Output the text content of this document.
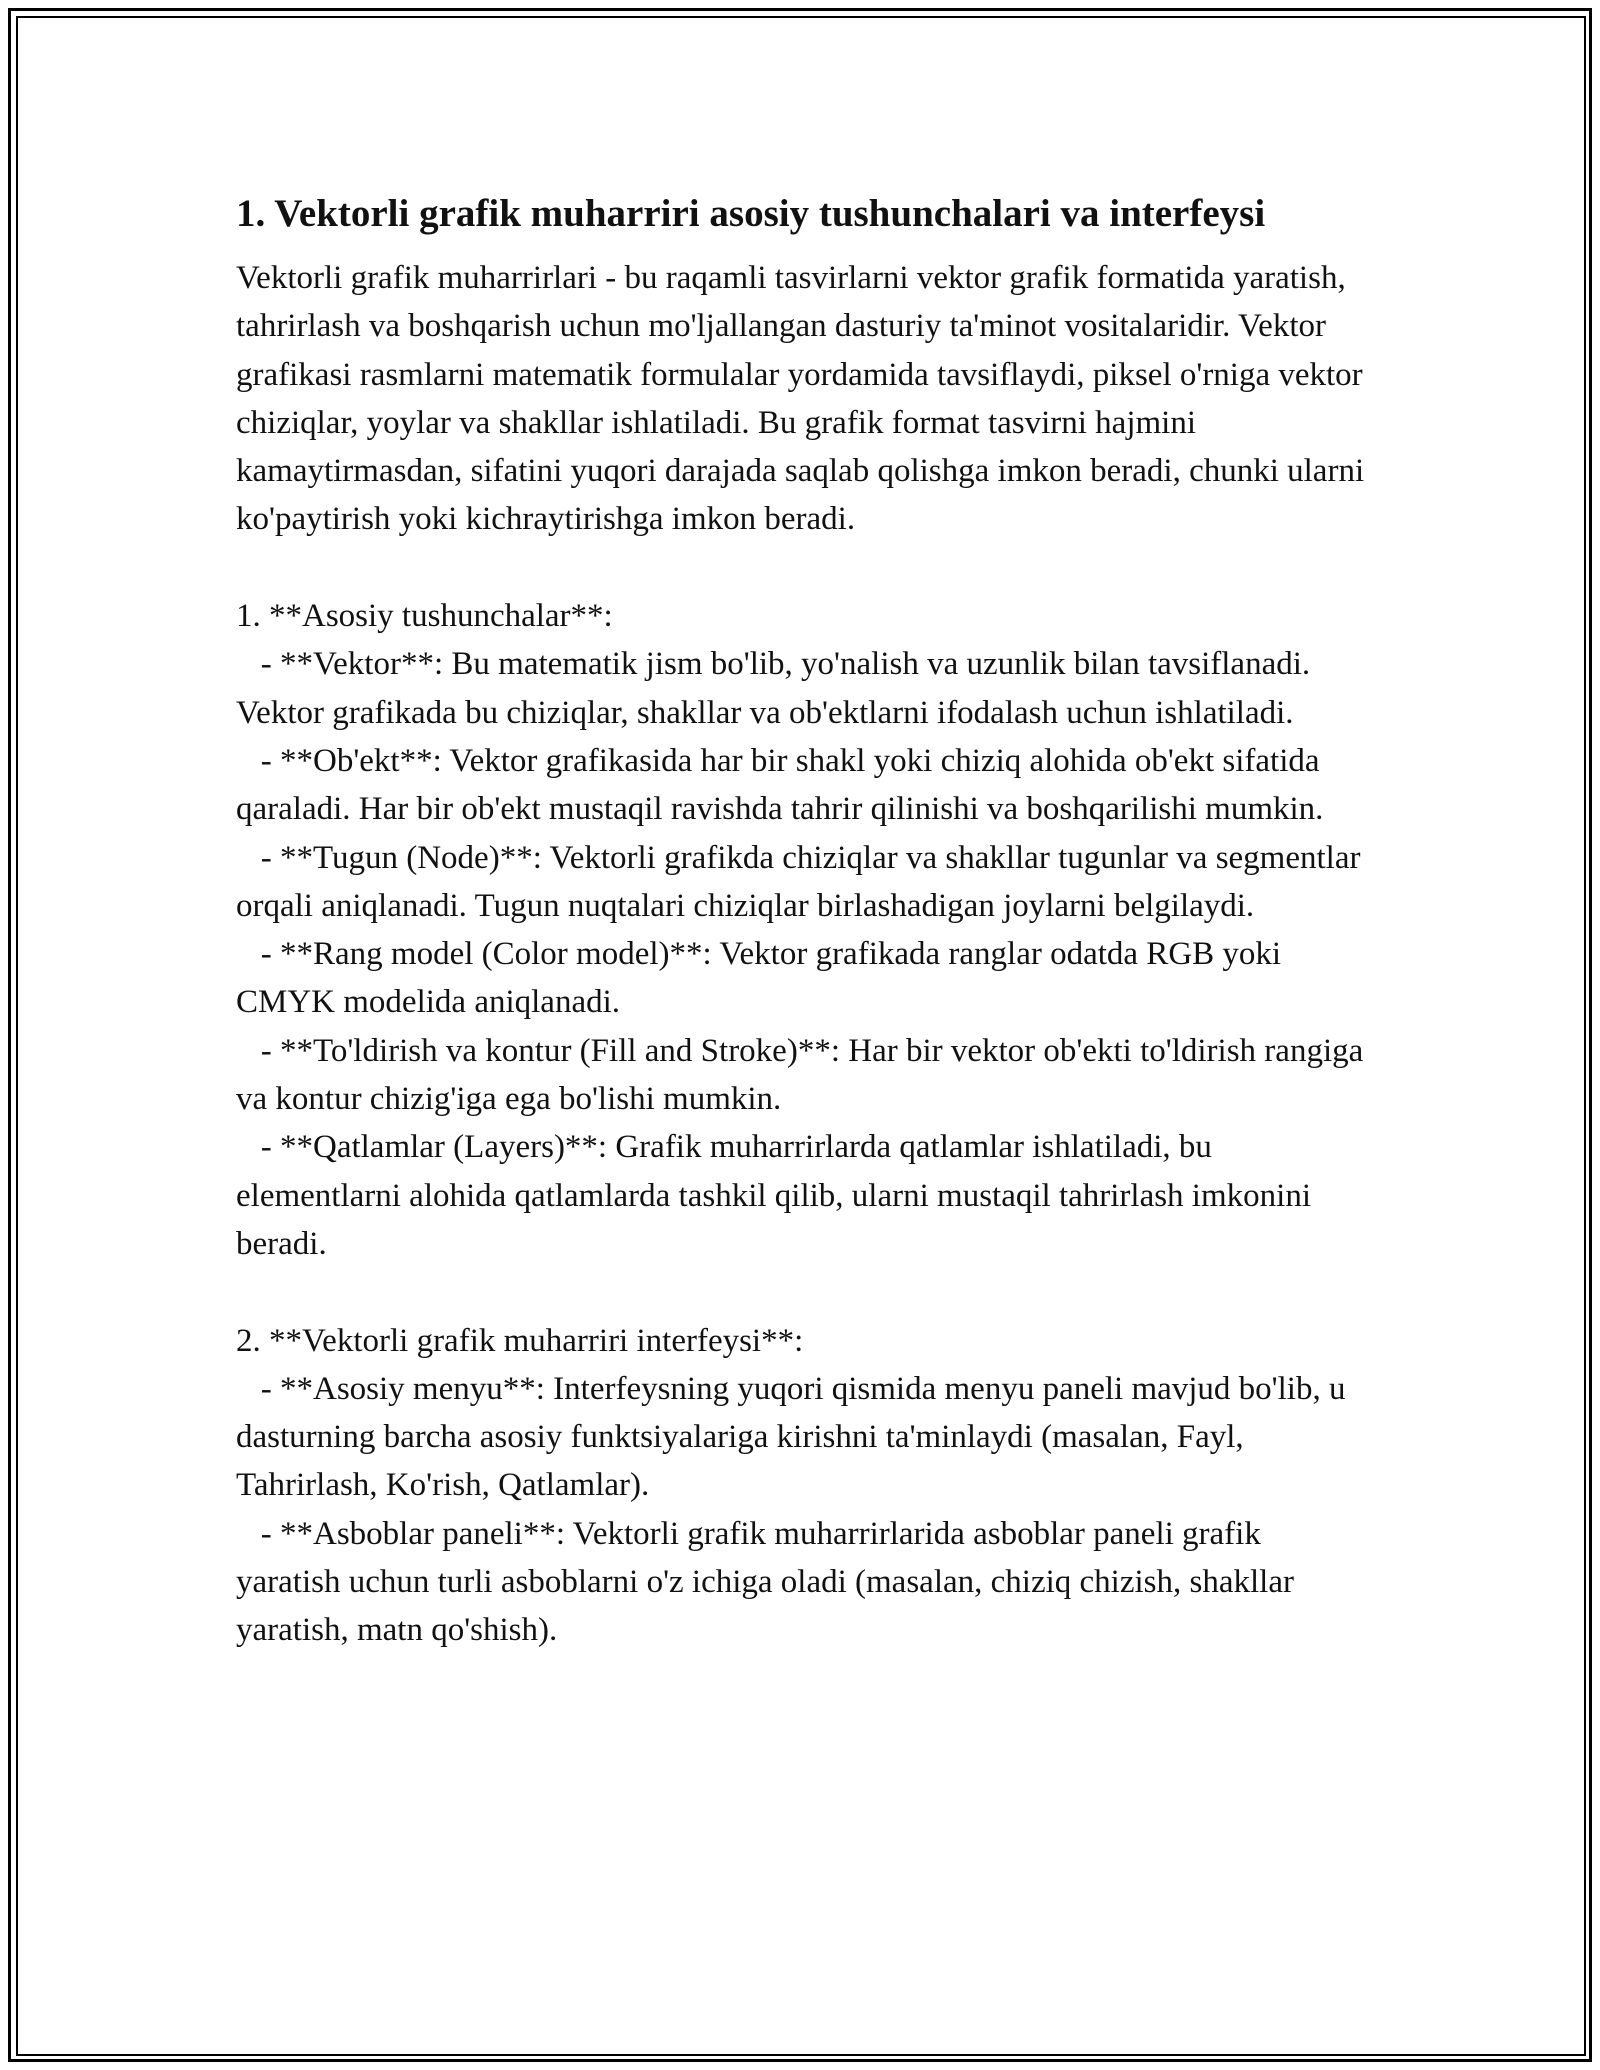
1. Vektorli grafik muharriri asosiy tushunchalari va interfeysi

Vektorli grafik muharrirlari - bu raqamli tasvirlarni vektor grafik formatida yaratish, tahrirlash va boshqarish uchun mo'ljallangan dasturiy ta'minot vositalaridir. Vektor grafikasi rasmlarni matematik formulalar yordamida tavsiflaydi, piksel o'rniga vektor chiziqlar, yoylar va shakllar ishlatiladi. Bu grafik format tasvirni hajmini kamaytirmasdan, sifatini yuqori darajada saqlab qolishga imkon beradi, chunki ularni ko'paytirish yoki kichraytirishga imkon beradi.

1. **Asosiy tushunchalar**:

- **Vektor**: Bu matematik jism bo'lib, yo'nalish va uzunlik bilan tavsiflanadi. Vektor grafikada bu chiziqlar, shakllar va ob'ektlarni ifodalash uchun ishlatiladi.

- **Ob'ekt**: Vektor grafikasida har bir shakl yoki chiziq alohida ob'ekt sifatida qaraladi. Har bir ob'ekt mustaqil ravishda tahrir qilinishi va boshqarilishi mumkin.

- **Tugun (Node)**: Vektorli grafikda chiziqlar va shakllar tugunlar va segmentlar orqali aniqlanadi. Tugun nuqtalari chiziqlar birlashadigan joylarni belgilaydi.

- **Rang model (Color model)**: Vektor grafikada ranglar odatda RGB yoki CMYK modelida aniqlanadi.

- **To'ldirish va kontur (Fill and Stroke)**: Har bir vektor ob'ekti to'ldirish rangiga va kontur chizig'iga ega bo'lishi mumkin.

- **Qatlamlar (Layers)**: Grafik muharrirlarda qatlamlar ishlatiladi, bu elementlarni alohida qatlamlarda tashkil qilib, ularni mustaqil tahrirlash imkonini beradi.

2. **Vektorli grafik muharriri interfeysi**:

- **Asosiy menyu**: Interfeysning yuqori qismida menyu paneli mavjud bo'lib, u dasturning barcha asosiy funktsiyalariga kirishni ta'minlaydi (masalan, Fayl, Tahrirlash, Ko'rish, Qatlamlar).

- **Asboblar paneli**: Vektorli grafik muharrirlarida asboblar paneli grafik yaratish uchun turli asboblarni o'z ichiga oladi (masalan, chiziq chizish, shakllar yaratish, matn qo'shish).
